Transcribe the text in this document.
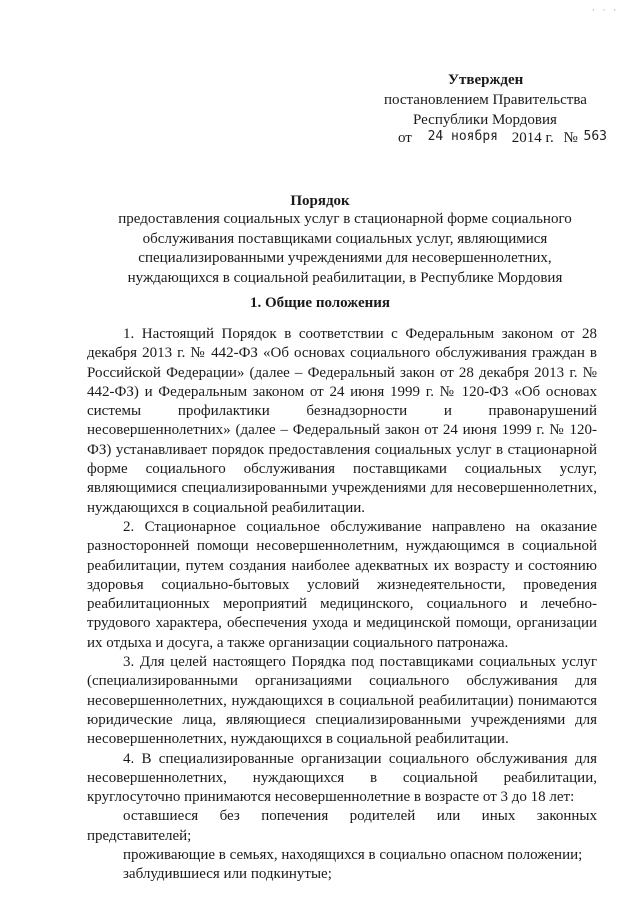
· · ·
Утвержден
постановлением Правительства
Республики Мордовия
от 24 ноября 2014 г. № 563
Порядок
предоставления социальных услуг в стационарной форме социального обслуживания поставщиками социальных услуг, являющимися специализированными учреждениями для несовершеннолетних, нуждающихся в социальной реабилитации, в Республике Мордовия
1. Общие положения

1. Настоящий Порядок в соответствии с Федеральным законом от 28 декабря 2013 г. № 442-ФЗ «Об основах социального обслуживания граждан в Российской Федерации» (далее – Федеральный закон от 28 декабря 2013 г. № 442-ФЗ) и Федеральным законом от 24 июня 1999 г. № 120-ФЗ «Об основах системы профилактики безнадзорности и правонарушений несовершеннолетних» (далее – Федеральный закон от 24 июня 1999 г. № 120-ФЗ) устанавливает порядок предоставления социальных услуг в стационарной форме социального обслуживания поставщиками социальных услуг, являющимися специализированными учреждениями для несовершеннолетних, нуждающихся в социальной реабилитации.

2. Стационарное социальное обслуживание направлено на оказание разносторонней помощи несовершеннолетним, нуждающимся в социальной реабилитации, путем создания наиболее адекватных их возрасту и состоянию здоровья социально-бытовых условий жизнедеятельности, проведения реабилитационных мероприятий медицинского, социального и лечебно-трудового характера, обеспечения ухода и медицинской помощи, организации их отдыха и досуга, а также организации социального патронажа.

3. Для целей настоящего Порядка под поставщиками социальных услуг (специализированными организациями социального обслуживания для несовершеннолетних, нуждающихся в социальной реабилитации) понимаются юридические лица, являющиеся специализированными учреждениями для несовершеннолетних, нуждающихся в социальной реабилитации.

4. В специализированные организации социального обслуживания для несовершеннолетних, нуждающихся в социальной реабилитации, круглосуточно принимаются несовершеннолетние в возрасте от 3 до 18 лет:

оставшиеся без попечения родителей или иных законных представителей;

проживающие в семьях, находящихся в социально опасном положении;

заблудившиеся или подкинутые;
